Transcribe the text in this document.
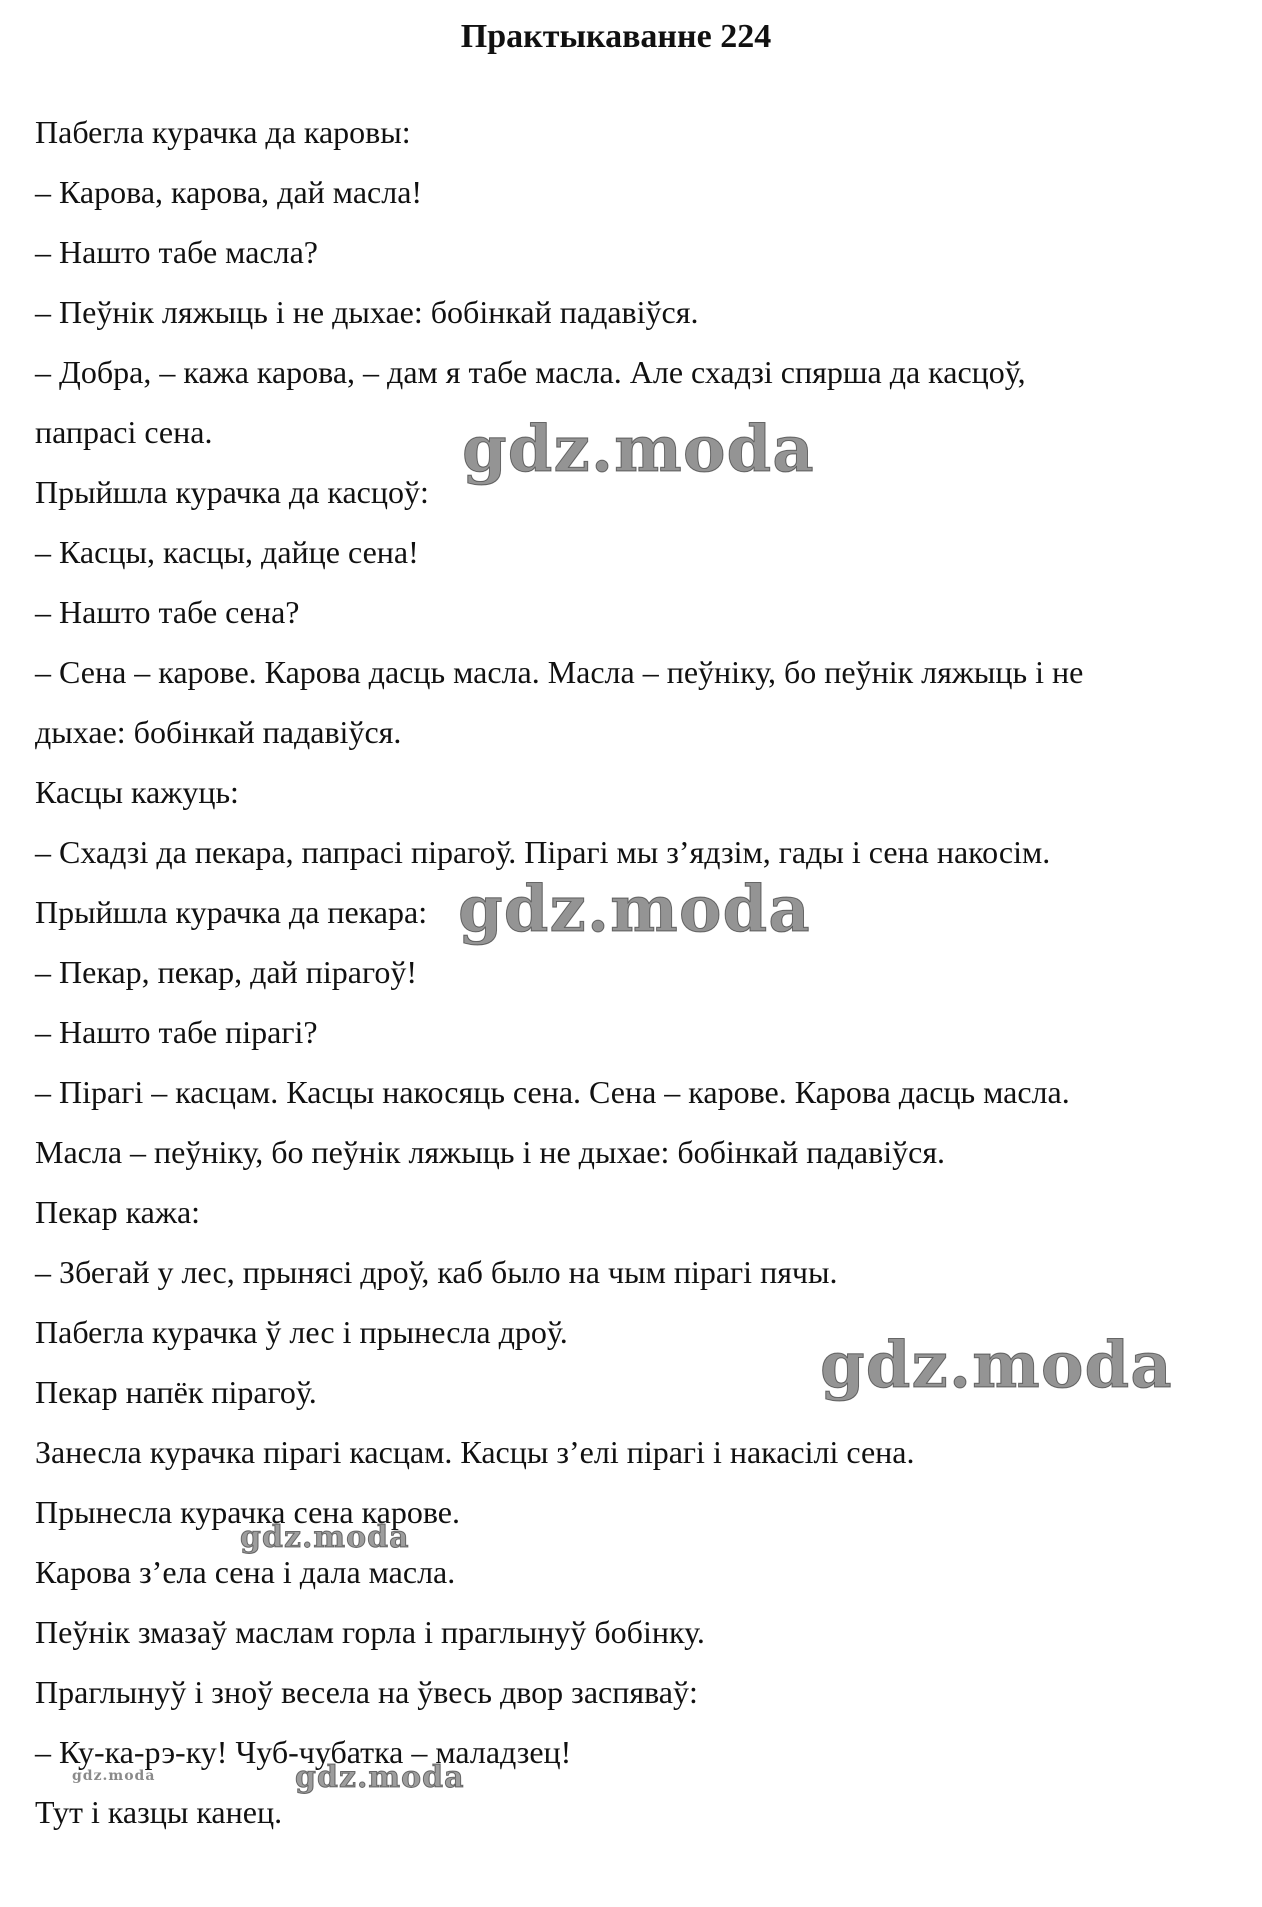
Практыкаванне 224
Пабегла курачка да каровы:
– Карова, карова, дай масла!
– Нашто табе масла?
– Пеўнік ляжыць і не дыхае: бобінкай падавіўся.
– Добра, – кажа карова, – дам я табе масла. Але схадзі спярша да касцоў,
папрасі сена.
Прыйшла курачка да касцоў:
– Касцы, касцы, дайце сена!
– Нашто табе сена?
– Сена – карове. Карова дасць масла. Масла – пеўніку, бо пеўнік ляжыць і не
дыхае: бобінкай падавіўся.
Касцы кажуць:
– Схадзі да пекара, папрасі пірагоў. Пірагі мы з’ядзім, гады і сена накосім.
Прыйшла курачка да пекара:
– Пекар, пекар, дай пірагоў!
– Нашто табе пірагі?
– Пірагі – касцам. Касцы накосяць сена. Сена – карове. Карова дасць масла.
Масла – пеўніку, бо пеўнік ляжыць і не дыхае: бобінкай падавіўся.
Пекар кажа:
– Збегай у лес, прынясі дроў, каб было на чым пірагі пячы.
Пабегла курачка ў лес і прынесла дроў.
Пекар напёк пірагоў.
Занесла курачка пірагі касцам. Касцы з’елі пірагі і накасілі сена.
Прынесла курачка сена карове.
Карова з’ела сена і дала масла.
Пеўнік змазаў маслам горла і праглынуў бобінку.
Праглынуў і зноў весела на ўвесь двор заспяваў:
– Ку-ка-рэ-ку! Чуб-чубатка – маладзец!
Тут і казцы канец.
gdz.moda
gdz.moda
gdz.moda
gdz.moda
gdz.moda
gdz.moda
